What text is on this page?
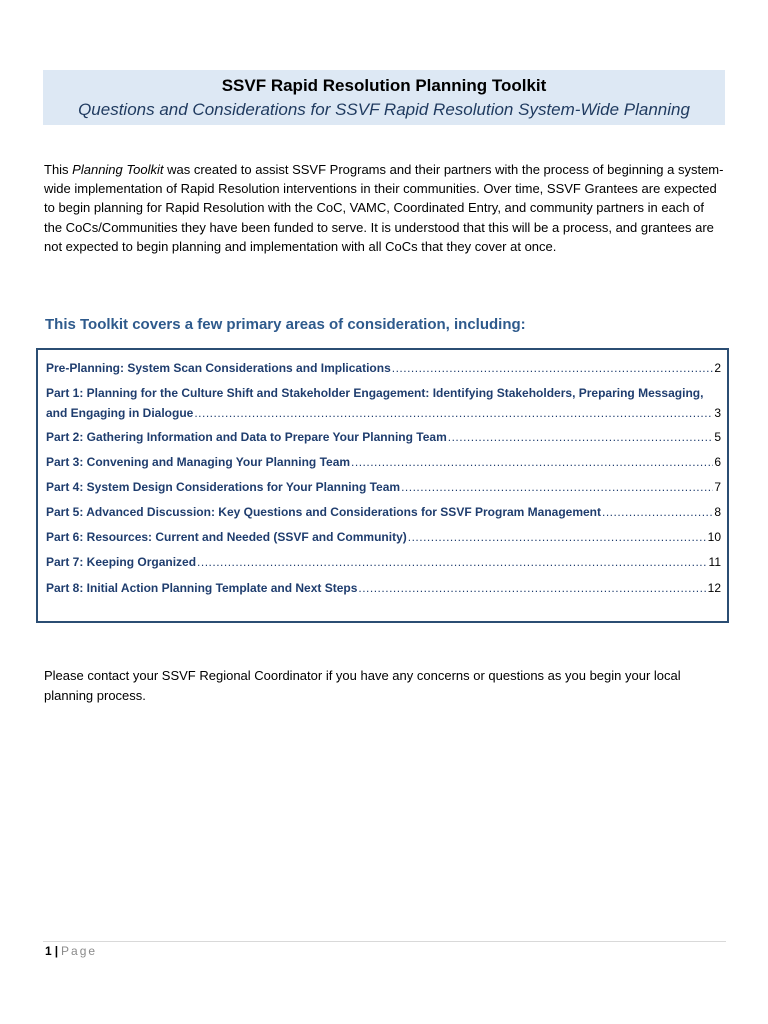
SSVF Rapid Resolution Planning Toolkit
Questions and Considerations for SSVF Rapid Resolution System-Wide Planning
This Planning Toolkit was created to assist SSVF Programs and their partners with the process of beginning a system-wide implementation of Rapid Resolution interventions in their communities. Over time, SSVF Grantees are expected to begin planning for Rapid Resolution with the CoC, VAMC, Coordinated Entry, and community partners in each of the CoCs/Communities they have been funded to serve. It is understood that this will be a process, and grantees are not expected to begin planning and implementation with all CoCs that they cover at once.
This Toolkit covers a few primary areas of consideration, including:
Pre-Planning: System Scan Considerations and Implications .....	2
Part 1: Planning for the Culture Shift and Stakeholder Engagement: Identifying Stakeholders, Preparing Messaging,
and Engaging in Dialogue .....	3
Part 2: Gathering Information and Data to Prepare Your Planning Team .....	5
Part 3: Convening and Managing Your Planning Team .....	6
Part 4: System Design Considerations for Your Planning Team .....	7
Part 5: Advanced Discussion: Key Questions and Considerations for SSVF Program Management .....	8
Part 6: Resources: Current and Needed (SSVF and Community) .....	10
Part 7: Keeping Organized .....	11
Part 8: Initial Action Planning Template and Next Steps .....	12
Please contact your SSVF Regional Coordinator if you have any concerns or questions as you begin your local planning process.
1 | Page
